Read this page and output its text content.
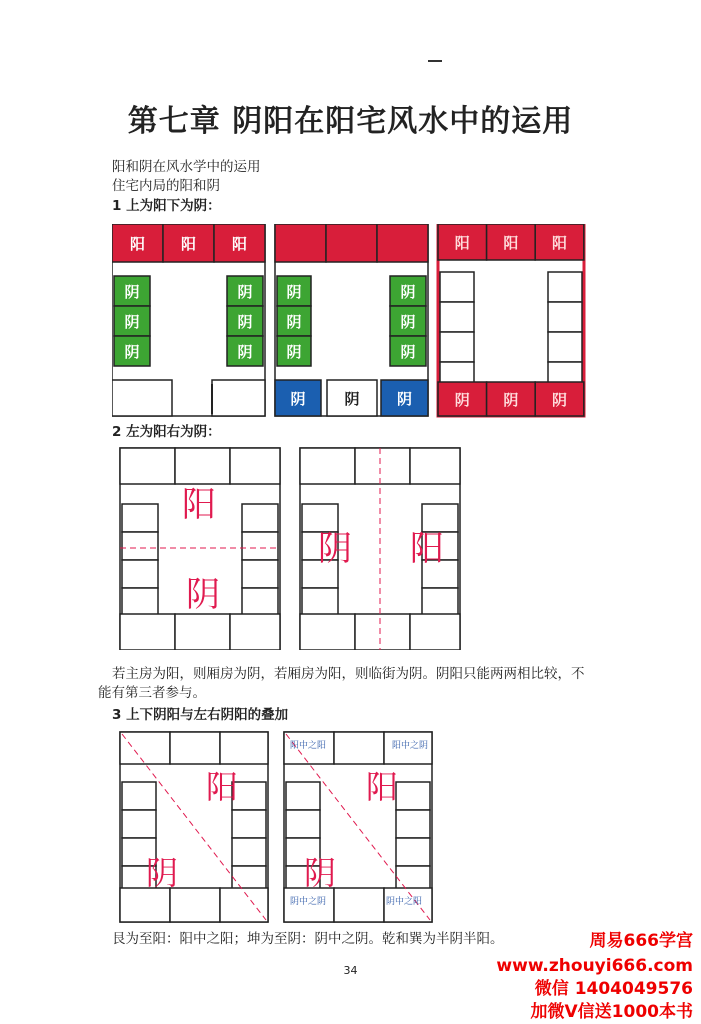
第七章 阴阳在阳宅风水中的运用
阳和阴在风水学中的运用
住宅内局的阳和阴
1 上为阳下为阴：
阳 阳 阳
阴
阴
阴
阴
阴
阴
阴
阴
阴
阴
阴
阴
阴	阴 阴
阳 阳 阳
阴 阴 阴
2 左为阳右为阴：
阳
阴
阴 阳
若主房为阳，则厢房为阴，若厢房为阳，则临街为阴。阴阳只能两两相比较，不
能有第三者参与。
3 上下阴阳与左右阴阳的叠加
阳
阴
阳
阴
阳中之阳	阳中之阴
阴中之阴	阴中之阳
艮为至阳：阳中之阳；坤为至阴：阴中之阴。乾和巽为半阴半阳。
34
周易666学宫
www.zhouyi666.com
微信 1404049576
加微V信送1000本书
